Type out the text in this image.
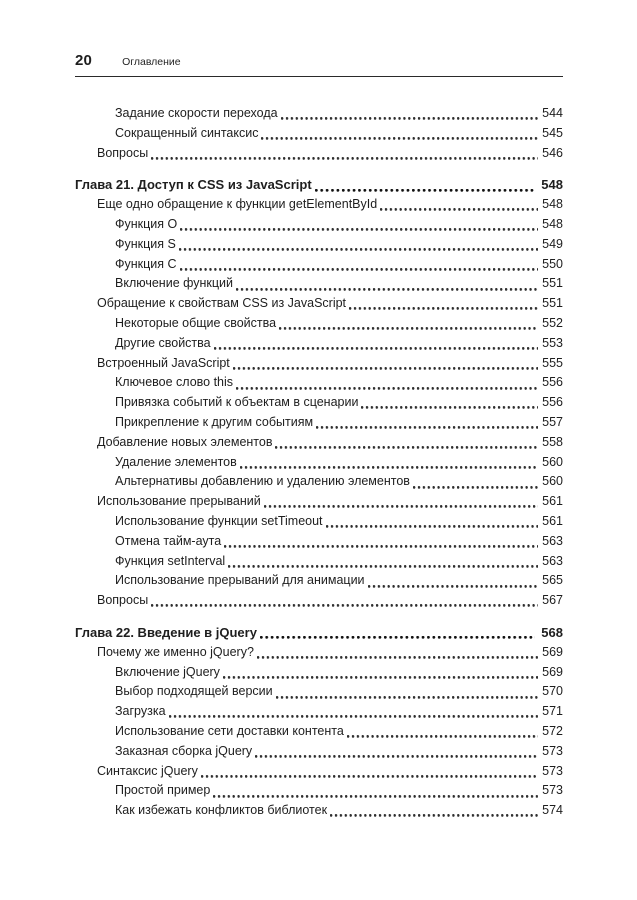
20	Оглавление
Задание скорости перехода	544
Сокращенный синтаксис	545
Вопросы	546
Глава 21. Доступ к CSS из JavaScript	548
Еще одно обращение к функции getElementById	548
Функция O	548
Функция S	549
Функция C	550
Включение функций	551
Обращение к свойствам CSS из JavaScript	551
Некоторые общие свойства	552
Другие свойства	553
Встроенный JavaScript	555
Ключевое слово this	556
Привязка событий к объектам в сценарии	556
Прикрепление к другим событиям	557
Добавление новых элементов	558
Удаление элементов	560
Альтернативы добавлению и удалению элементов	560
Использование прерываний	561
Использование функции setTimeout	561
Отмена тайм-аута	563
Функция setInterval	563
Использование прерываний для анимации	565
Вопросы	567
Глава 22. Введение в jQuery	568
Почему же именно jQuery?	569
Включение jQuery	569
Выбор подходящей версии	570
Загрузка	571
Использование сети доставки контента	572
Заказная сборка jQuery	573
Синтаксис jQuery	573
Простой пример	573
Как избежать конфликтов библиотек	574
